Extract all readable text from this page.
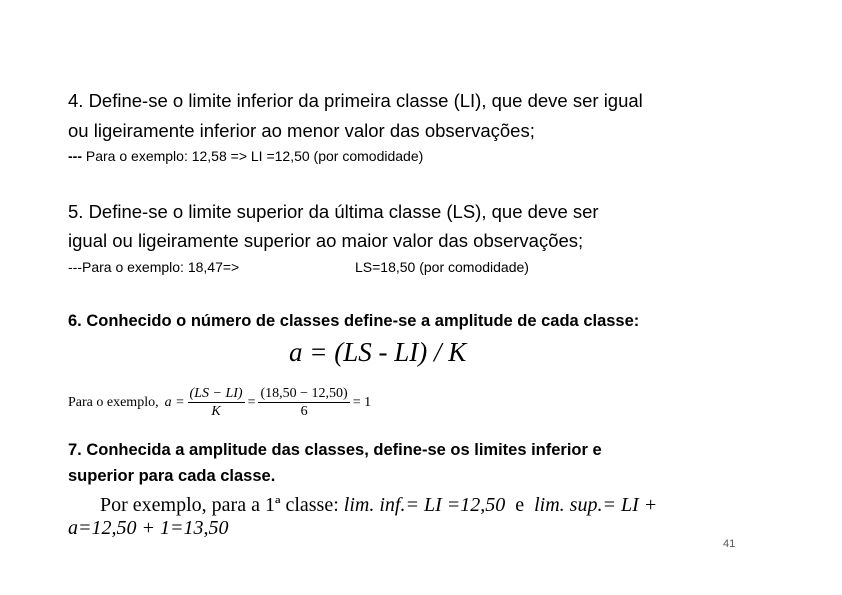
4. Define-se o limite inferior da primeira classe (LI), que deve ser igual
ou ligeiramente inferior ao menor valor das observações;
--- Para o exemplo: 12,58 => LI =12,50 (por comodidade)
5. Define-se o limite superior da última classe (LS), que deve ser
igual ou ligeiramente superior ao maior valor das observações;
---Para o exemplo: 18,47=>	LS=18,50 (por comodidade)
6. Conhecido o número de classes define-se a amplitude de cada classe:
a = (LS - LI) / K
Para o exemplo, $a = \frac{(LS - LI)}{K} = \frac{(18,50 - 12,50)}{6} = 1$
7. Conhecida a amplitude das classes, define-se os limites inferior e
superior para cada classe.
Por exemplo, para a 1ª classe: lim. inf.= LI =12,50  e  lim. sup.= LI +
a=12,50 + 1=13,50
41
